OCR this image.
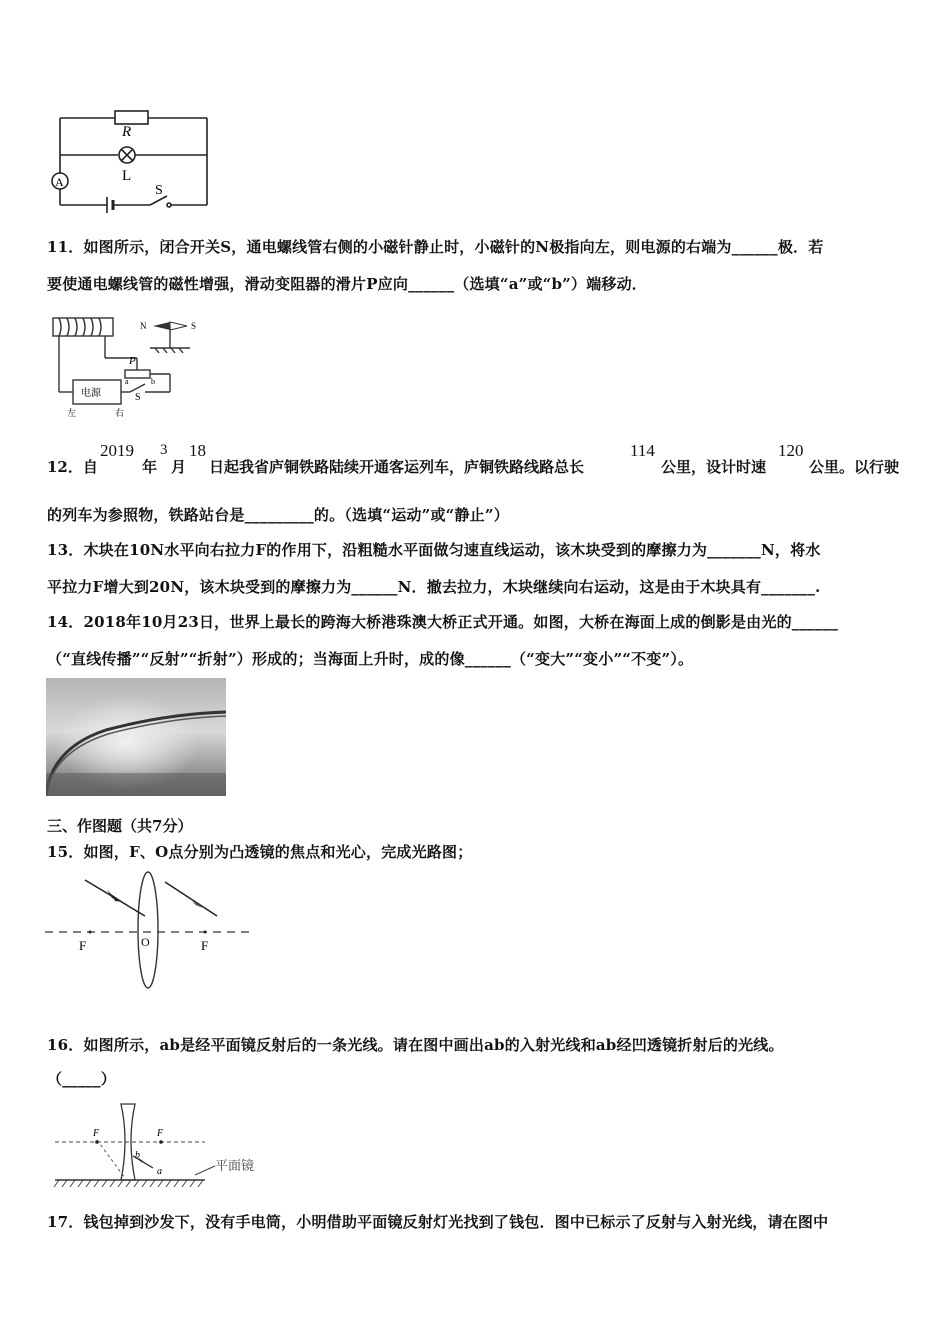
R
L
A
S
11．如图所示，闭合开关S，通电螺线管右侧的小磁针静止时，小磁针的N极指向左，则电源的右端为______极．若
要使通电螺线管的磁性增强，滑动变阻器的滑片P应向______（选填“a”或“b”）端移动．
N	S
P
a	b
S
电源
左	右
12．自
2019
年
3
月
18
日起我省庐铜铁路陆续开通客运列车，庐铜铁路线路总长
114
公里，设计时速
120
公里。以行驶
的列车为参照物，铁路站台是_________的。（选填“运动”或“静止”）
13．木块在10N水平向右拉力F的作用下，沿粗糙水平面做匀速直线运动，该木块受到的摩擦力为_______N，将水
平拉力F增大到20N，该木块受到的摩擦力为______N．撤去拉力，木块继续向右运动，这是由于木块具有_______.
14．2018年10月23日，世界上最长的跨海大桥港珠澳大桥正式开通。如图，大桥在海面上成的倒影是由光的______
（“直线传播”“反射”“折射”）形成的；当海面上升时，成的像______（“变大”“变小”“不变”）。
三、作图题（共7分）
15．如图，F、O点分别为凸透镜的焦点和光心，完成光路图；
F	O	F
16．如图所示，ab是经平面镜反射后的一条光线。请在图中画出ab的入射光线和ab经凹透镜折射后的光线。
（_____）
F	F
b
a	平面镜
17．钱包掉到沙发下，没有手电筒，小明借助平面镜反射灯光找到了钱包．图中已标示了反射与入射光线，请在图中
